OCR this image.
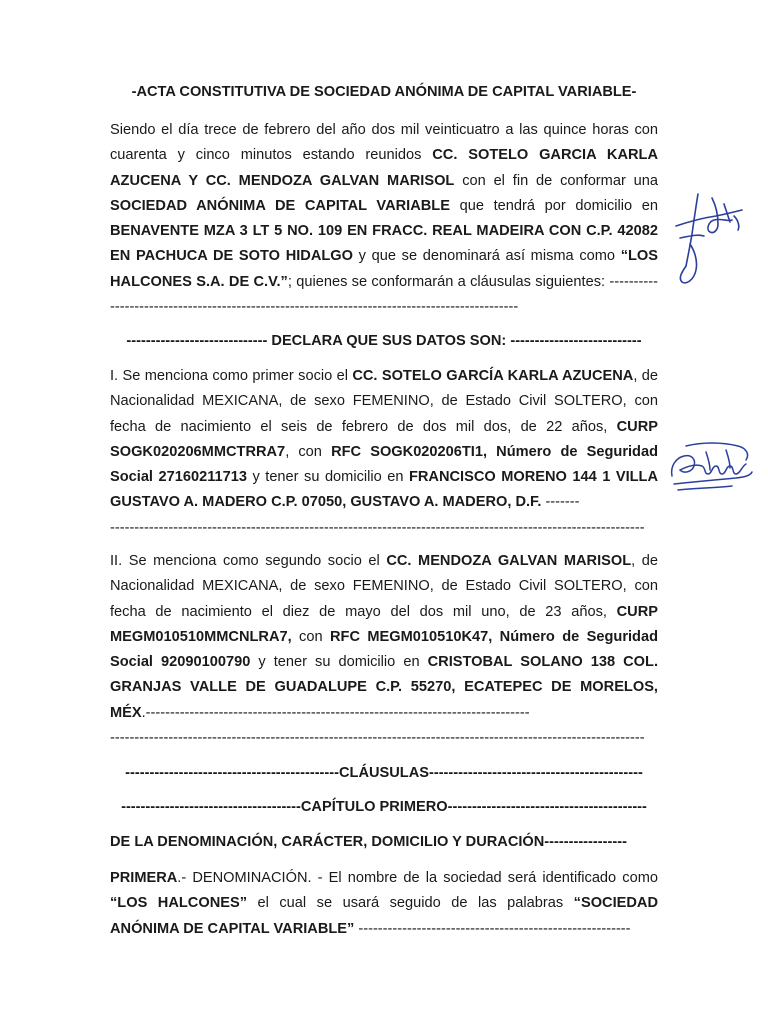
-ACTA CONSTITUTIVA DE SOCIEDAD ANÓNIMA DE CAPITAL VARIABLE-

Siendo el día trece de febrero del año dos mil veinticuatro a las quince horas con cuarenta y cinco minutos estando reunidos CC. SOTELO GARCIA KARLA AZUCENA Y CC. MENDOZA GALVAN MARISOL con el fin de conformar una SOCIEDAD ANÓNIMA DE CAPITAL VARIABLE que tendrá por domicilio en BENAVENTE MZA 3 LT 5 NO. 109 EN FRACC. REAL MADEIRA CON C.P. 42082 EN PACHUCA DE SOTO HIDALGO y que se denominará así misma como “LOS HALCONES S.A. DE C.V.”; quienes se conformarán a cláusulas siguientes: ----------------------------------------------------------------------------------------------

----------------------------- DECLARA QUE SUS DATOS SON: ---------------------------

I. Se menciona como primer socio el CC. SOTELO GARCÍA KARLA AZUCENA, de Nacionalidad MEXICANA, de sexo FEMENINO, de Estado Civil SOLTERO, con fecha de nacimiento el seis de febrero de dos mil dos, de 22 años, CURP SOGK020206MMCTRRA7, con RFC SOGK020206TI1, Número de Seguridad Social 27160211713 y tener su domicilio en FRANCISCO MORENO 144 1 VILLA GUSTAVO A. MADERO C.P. 07050, GUSTAVO A. MADERO, D.F. -------

--------------------------------------------------------------------------------------------------------------

II. Se menciona como segundo socio el CC. MENDOZA GALVAN MARISOL, de Nacionalidad MEXICANA, de sexo FEMENINO, de Estado Civil SOLTERO, con fecha de nacimiento el diez de mayo del dos mil uno, de 23 años, CURP MEGM010510MMCNLRA7, con RFC MEGM010510K47, Número de Seguridad Social 92090100790 y tener su domicilio en CRISTOBAL SOLANO 138 COL. GRANJAS VALLE DE GUADALUPE C.P. 55270, ECATEPEC DE MORELOS, MÉX.-------------------------------------------------------------------------------

--------------------------------------------------------------------------------------------------------------

--------------------------------------------CLÁUSULAS--------------------------------------------

-------------------------------------CAPÍTULO PRIMERO-----------------------------------------

DE LA DENOMINACIÓN, CARÁCTER, DOMICILIO Y DURACIÓN-----------------

PRIMERA.- DENOMINACIÓN. - El nombre de la sociedad será identificado como “LOS HALCONES” el cual se usará seguido de las palabras “SOCIEDAD ANÓNIMA DE CAPITAL VARIABLE” --------------------------------------------------------
